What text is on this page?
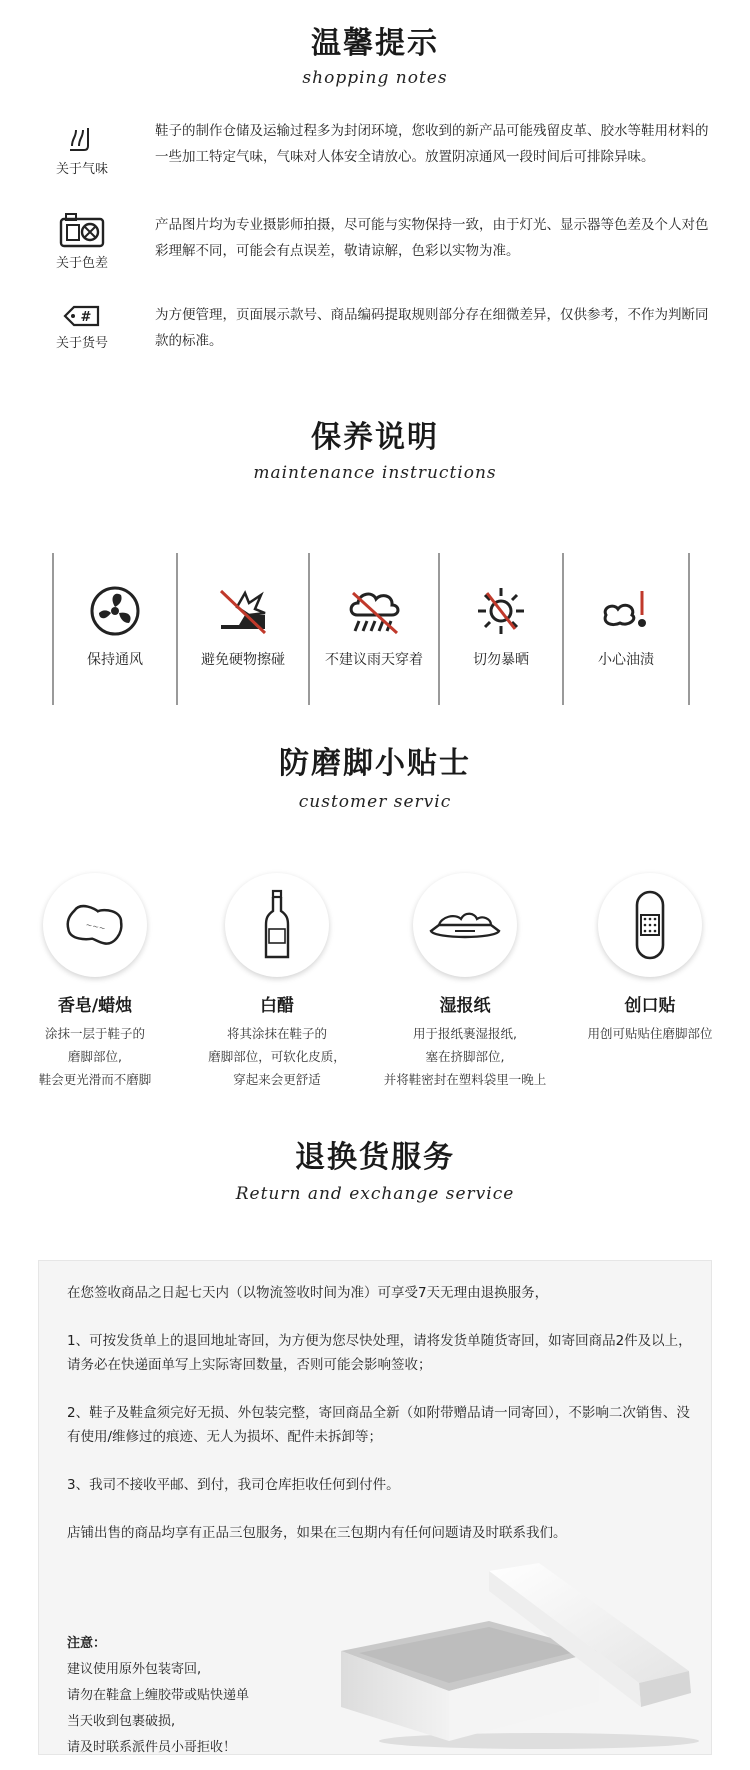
温馨提示
shopping notes
关于气味
鞋子的制作仓储及运输过程多为封闭环境，您收到的新产品可能残留皮革、胶水等鞋用材料的一些加工特定气味，气味对人体安全请放心。放置阴凉通风一段时间后可排除异味。
关于色差
产品图片均为专业摄影师拍摄，尽可能与实物保持一致，由于灯光、显示器等色差及个人对色彩理解不同，可能会有点误差，敬请谅解，色彩以实物为准。
#
关于货号
为方便管理，页面展示款号、商品编码提取规则部分存在细微差异，仅供参考，不作为判断同款的标准。
保养说明
maintenance instructions
保持通风	避免硬物擦碰	不建议雨天穿着	切勿暴晒	小心油渍
防磨脚小贴士
customer servic
~~~
香皂/蜡烛
涂抹一层于鞋子的
磨脚部位,
鞋会更光滑而不磨脚
白醋
将其涂抹在鞋子的
磨脚部位，可软化皮质，
穿起来会更舒适
湿报纸
用于报纸裹湿报纸,
塞在挤脚部位,
并将鞋密封在塑料袋里一晚上
创口贴
用创可贴贴住磨脚部位
退换货服务
Return and exchange service
在您签收商品之日起七天内（以物流签收时间为准）可享受7天无理由退换服务，
1、可按发货单上的退回地址寄回，为方便为您尽快处理，请将发货单随货寄回，如寄回商品2件及以上，请务必在快递面单写上实际寄回数量，否则可能会影响签收；
2、鞋子及鞋盒须完好无损、外包装完整，寄回商品全新（如附带赠品请一同寄回），不影响二次销售、没有使用/维修过的痕迹、无人为损坏、配件未拆卸等；
3、我司不接收平邮、到付，我司仓库拒收任何到付件。
店铺出售的商品均享有正品三包服务，如果在三包期内有任何问题请及时联系我们。
注意：
建议使用原外包装寄回,
请勿在鞋盒上缠胶带或贴快递单
当天收到包裹破损,
请及时联系派件员小哥拒收！
